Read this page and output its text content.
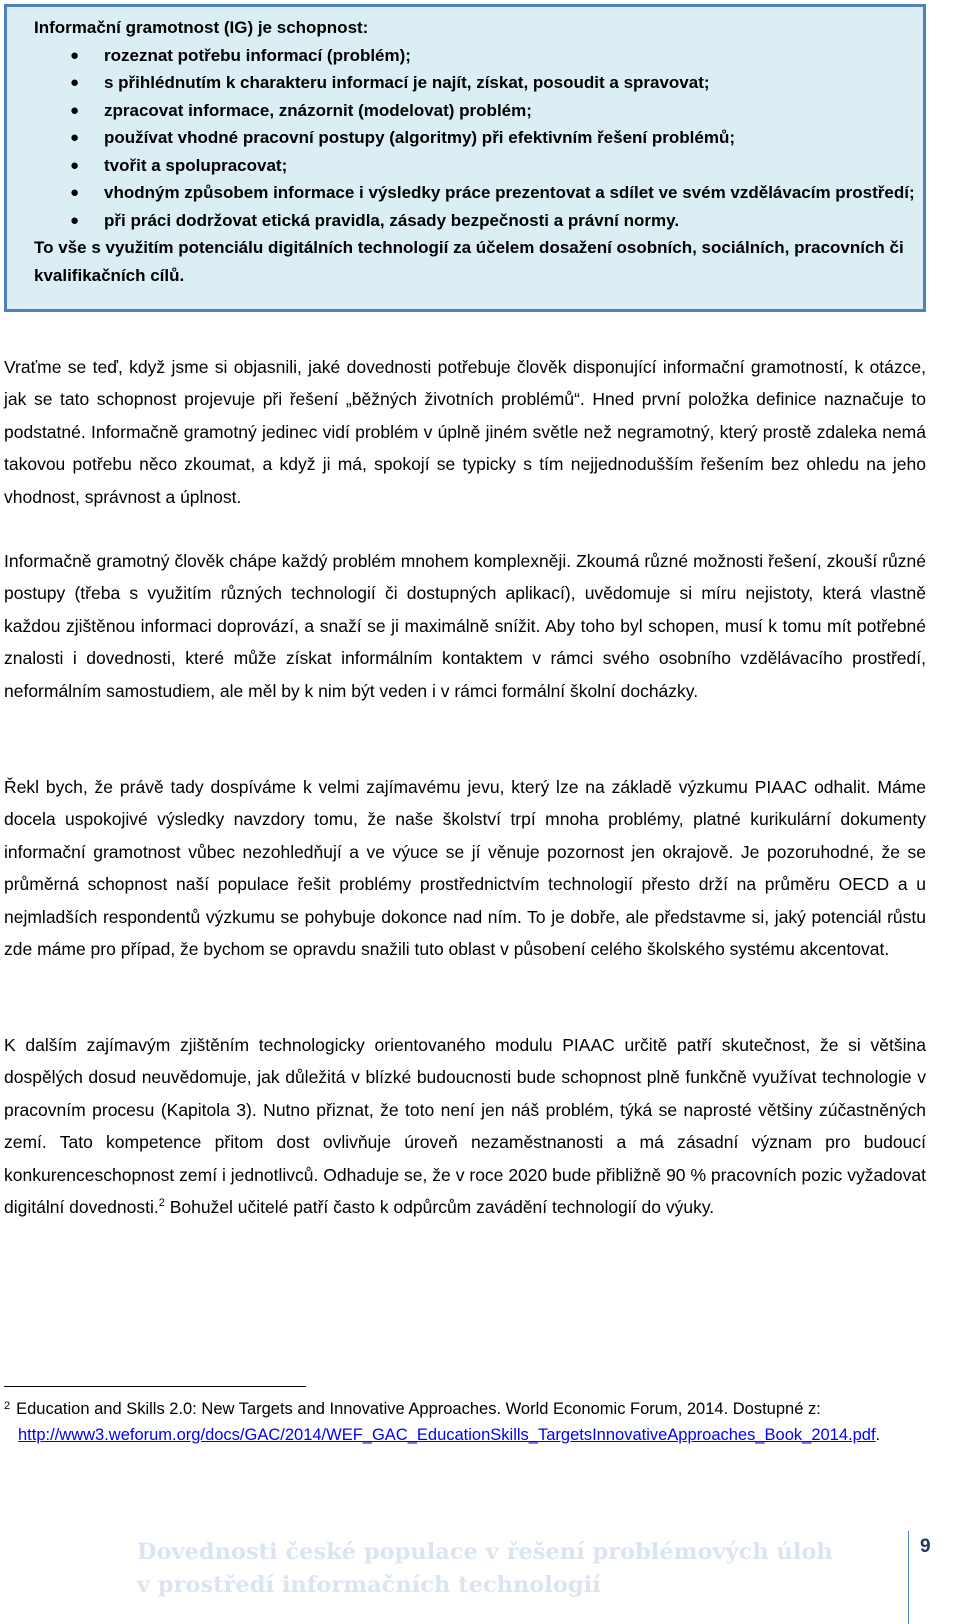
Informační gramotnost (IG) je schopnost:
● rozeznat potřebu informací (problém);
● s přihlédnutím k charakteru informací je najít, získat, posoudit a spravovat;
● zpracovat informace, znázornit (modelovat) problém;
● používat vhodné pracovní postupy (algoritmy) při efektivním řešení problémů;
● tvořit a spolupracovat;
● vhodným způsobem informace i výsledky práce prezentovat a sdílet ve svém vzdělávacím prostředí;
● při práci dodržovat etická pravidla, zásady bezpečnosti a právní normy.
To vše s využitím potenciálu digitálních technologií za účelem dosažení osobních, sociálních, pracovních či kvalifikačních cílů.
Vraťme se teď, když jsme si objasnili, jaké dovednosti potřebuje člověk disponující informační gramotností, k otázce, jak se tato schopnost projevuje při řešení „běžných životních problémů“. Hned první položka definice naznačuje to podstatné. Informačně gramotný jedinec vidí problém v úplně jiném světle než negramotný, který prostě zdaleka nemá takovou potřebu něco zkoumat, a když ji má, spokojí se typicky s tím nejjednodušším řešením bez ohledu na jeho vhodnost, správnost a úplnost.
Informačně gramotný člověk chápe každý problém mnohem komplexněji. Zkoumá různé možnosti řešení, zkouší různé postupy (třeba s využitím různých technologií či dostupných aplikací), uvědomuje si míru nejistoty, která vlastně každou zjištěnou informaci doprovází, a snaží se ji maximálně snížit. Aby toho byl schopen, musí k tomu mít potřebné znalosti i dovednosti, které může získat informálním kontaktem v rámci svého osobního vzdělávacího prostředí, neformálním samostudiem, ale měl by k nim být veden i v rámci formální školní docházky.
Řekl bych, že právě tady dospíváme k velmi zajímavému jevu, který lze na základě výzkumu PIAAC odhalit. Máme docela uspokojivé výsledky navzdory tomu, že naše školství trpí mnoha problémy, platné kurikulární dokumenty informační gramotnost vůbec nezohledňují a ve výuce se jí věnuje pozornost jen okrajově. Je pozoruhodné, že se průměrná schopnost naší populace řešit problémy prostřednictvím technologií přesto drží na průměru OECD a u nejmladších respondentů výzkumu se pohybuje dokonce nad ním. To je dobře, ale představme si, jaký potenciál růstu zde máme pro případ, že bychom se opravdu snažili tuto oblast v působení celého školského systému akcentovat.
K dalším zajímavým zjištěním technologicky orientovaného modulu PIAAC určitě patří skutečnost, že si většina dospělých dosud neuvědomuje, jak důležitá v blízké budoucnosti bude schopnost plně funkčně využívat technologie v pracovním procesu (Kapitola 3). Nutno přiznat, že toto není jen náš problém, týká se naprosté většiny zúčastněných zemí. Tato kompetence přitom dost ovlivňuje úroveň nezaměstnanosti a má zásadní význam pro budoucí konkurenceschopnost zemí i jednotlivců. Odhaduje se, že v roce 2020 bude přibližně 90 % pracovních pozic vyžadovat digitální dovednosti.$^2$ Bohužel učitelé patří často k odpůrcům zavádění technologií do výuky.
$^2$ Education and Skills 2.0: New Targets and Innovative Approaches. World Economic Forum, 2014. Dostupné z:
http://www3.weforum.org/docs/GAC/2014/WEF_GAC_EducationSkills_TargetsInnovativeApproaches_Book_2014.pdf.
Dovednosti české populace v řešení problémových úloh
v prostředí informačních technologií
9
